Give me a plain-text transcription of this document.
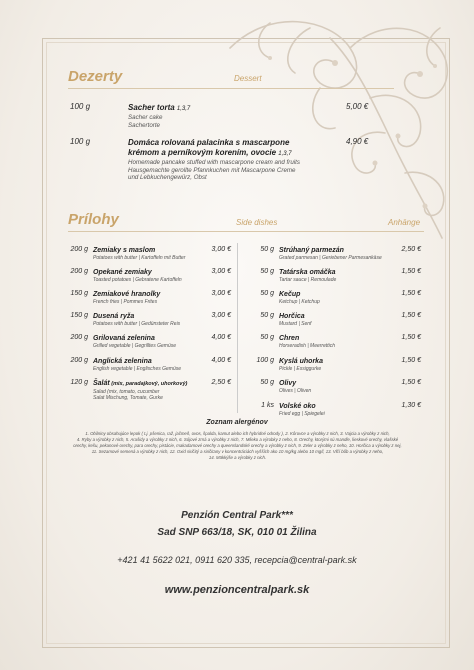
Dezerty	Dessert
100 g	Sacher torta 1,3,7
Sacher cake
Sachertorte
5,00 €
100 g	Domáca rolovaná palacinka s mascarpone
krémom a perníkovým korením, ovocie 1,3,7
Homemade pancake stuffed with mascarpone cream and fruits
Hausgemachte gerollte Pfannkuchen mit Mascarpone Creme
und Lebkuchengewürz, Obst
4,90 €
Prílohy	Side dishes	Anhänge
200 g Zemiaky s maslom
Potatoes with butter | Kartoffeln mit Butter
3,00 €
200 g Opekané zemiaky
Toasted potatoes | Gebratene Kartoffeln
3,00 €
150 g Zemiakové hranolky
French fries | Pommes Frites
3,00 €
150 g Dusená ryža
Potatoes with butter | Gedünsteter Reis
3,00 €
200 g Grilovaná zelenina
Grilled vegetable | Gegrilltes Gemüse
4,00 €
200 g Anglická zelenina
English vegetable | Englisches Gemüse
4,00 €
120 g Šalát (mix, paradajkový, uhorkový)
Salad (mix, tomato, cucumber
Salat Mischung, Tomate, Gurke
2,50 €
50 g Strúhaný parmezán
Grated parmesan | Geriebener Parmesankäse
2,50 €
50 g Tatárska omáčka
Tartar sauce | Remoulade
1,50 €
50 g Kečup
Ketchup | Ketchup
1,50 €
50 g Horčica
Mustard | Senf
1,50 €
50 g Chren
Horseradish | Meerrettich
1,50 €
100 g Kyslá uhorka
Pickle | Essiggurke
1,50 €
50 g Olivy
Olives | Oliven
1,50 €
1 ks Volské oko
Fried egg | Spiegelei
1,30 €
Zoznam alergénov
1. Obilniny obsahujúce lepok ( t.j. pšenica, raž, jačmeň, ovos, špalda, kamut alebo ich hybridné odrody ), 2. Kôrovce a výrobky z nich, 3. Vajcia a výrobky z nich,
4. Ryby a výrobky z nich, 5. Arašidy a výrobky z nich, 6. Sójové zrná a výrobky z nich, 7. Mlieko a výrobky z neho, 8. Orechy, ktorými sú mandle, lieskové orechy, vlašské
orechy, kešu, pekanové orechy, para orechy, pistácie, makadamové orechy a queenslandské orechy a výrobky z nich, 9. Zeler a výrobky z neho, 10. Horčica a výrobky z nej,
11. Sezamové semená a výrobky z nich, 12. Oxid siričitý a siričitany v koncentráciách vyšších ako 10 mg/kg alebo 10 mg/l, 13. Vlčí bôb a výrobky z neho,
14. Mäkkýše a výrobky z nich.
Penzión Central Park***
Sad SNP 663/18, SK, 010 01 Žilina
+421 41 5622 021, 0911 620 335, recepcia@central-park.sk
www.penzioncentralpark.sk
